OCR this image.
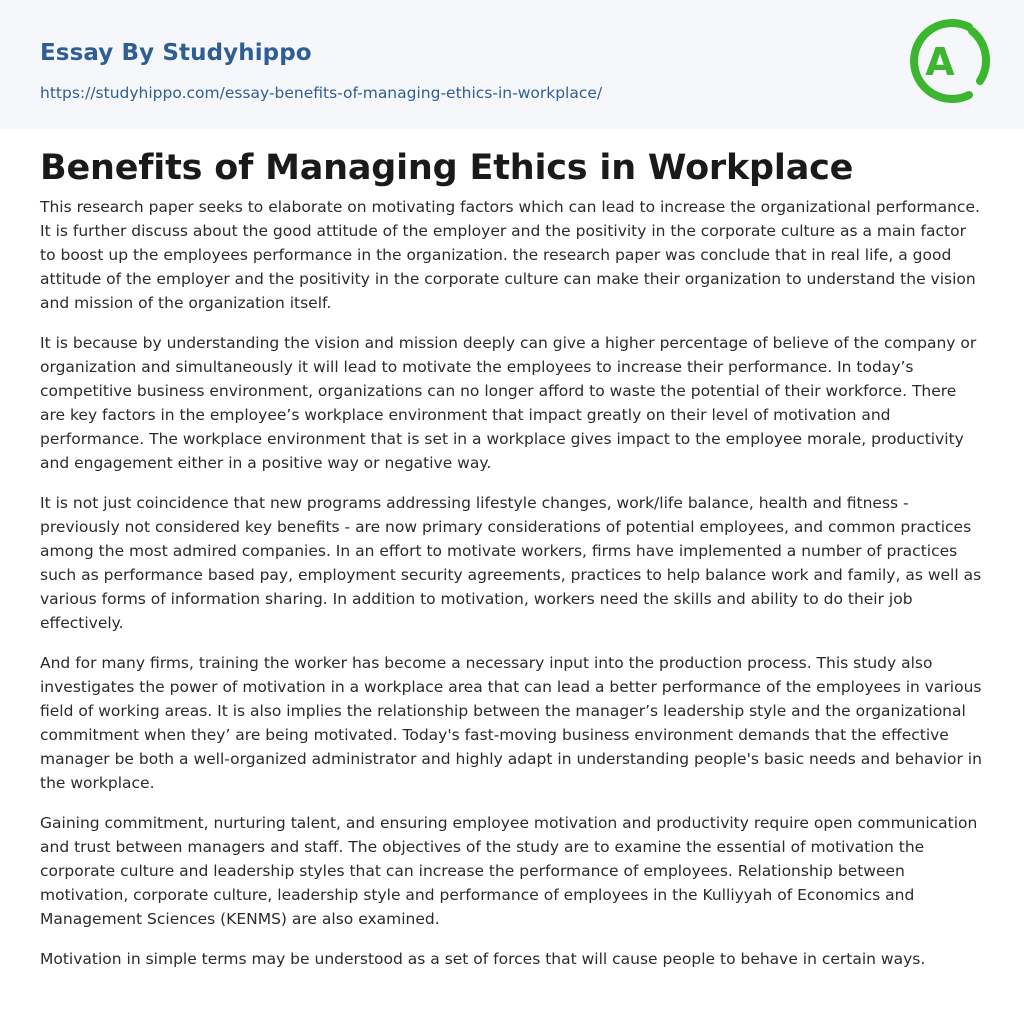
Essay By Studyhippo
https://studyhippo.com/essay-benefits-of-managing-ethics-in-workplace/
A
Benefits of Managing Ethics in Workplace

This research paper seeks to elaborate on motivating factors which can lead to increase the organizational performance. It is further discuss about the good attitude of the employer and the positivity in the corporate culture as a main factor to boost up the employees performance in the organization. the research paper was conclude that in real life, a good attitude of the employer and the positivity in the corporate culture can make their organization to understand the vision and mission of the organization itself.

It is because by understanding the vision and mission deeply can give a higher percentage of believe of the company or organization and simultaneously it will lead to motivate the employees to increase their performance. In today’s competitive business environment, organizations can no longer afford to waste the potential of their workforce. There are key factors in the employee’s workplace environment that impact greatly on their level of motivation and performance. The workplace environment that is set in a workplace gives impact to the employee morale, productivity and engagement either in a positive way or negative way.

It is not just coincidence that new programs addressing lifestyle changes, work/life balance, health and fitness - previously not considered key benefits - are now primary considerations of potential employees, and common practices among the most admired companies. In an effort to motivate workers, firms have implemented a number of practices such as performance based pay, employment security agreements, practices to help balance work and family, as well as various forms of information sharing. In addition to motivation, workers need the skills and ability to do their job effectively.

And for many firms, training the worker has become a necessary input into the production process. This study also investigates the power of motivation in a workplace area that can lead a better performance of the employees in various field of working areas. It is also implies the relationship between the manager’s leadership style and the organizational commitment when they’ are being motivated. Today's fast-moving business environment demands that the effective manager be both a well-organized administrator and highly adapt in understanding people's basic needs and behavior in the workplace.

Gaining commitment, nurturing talent, and ensuring employee motivation and productivity require open communication and trust between managers and staff. The objectives of the study are to examine the essential of motivation the corporate culture and leadership styles that can increase the performance of employees. Relationship between motivation, corporate culture, leadership style and performance of employees in the Kulliyyah of Economics and Management Sciences (KENMS) are also examined.

Motivation in simple terms may be understood as a set of forces that will cause people to behave in certain ways.
